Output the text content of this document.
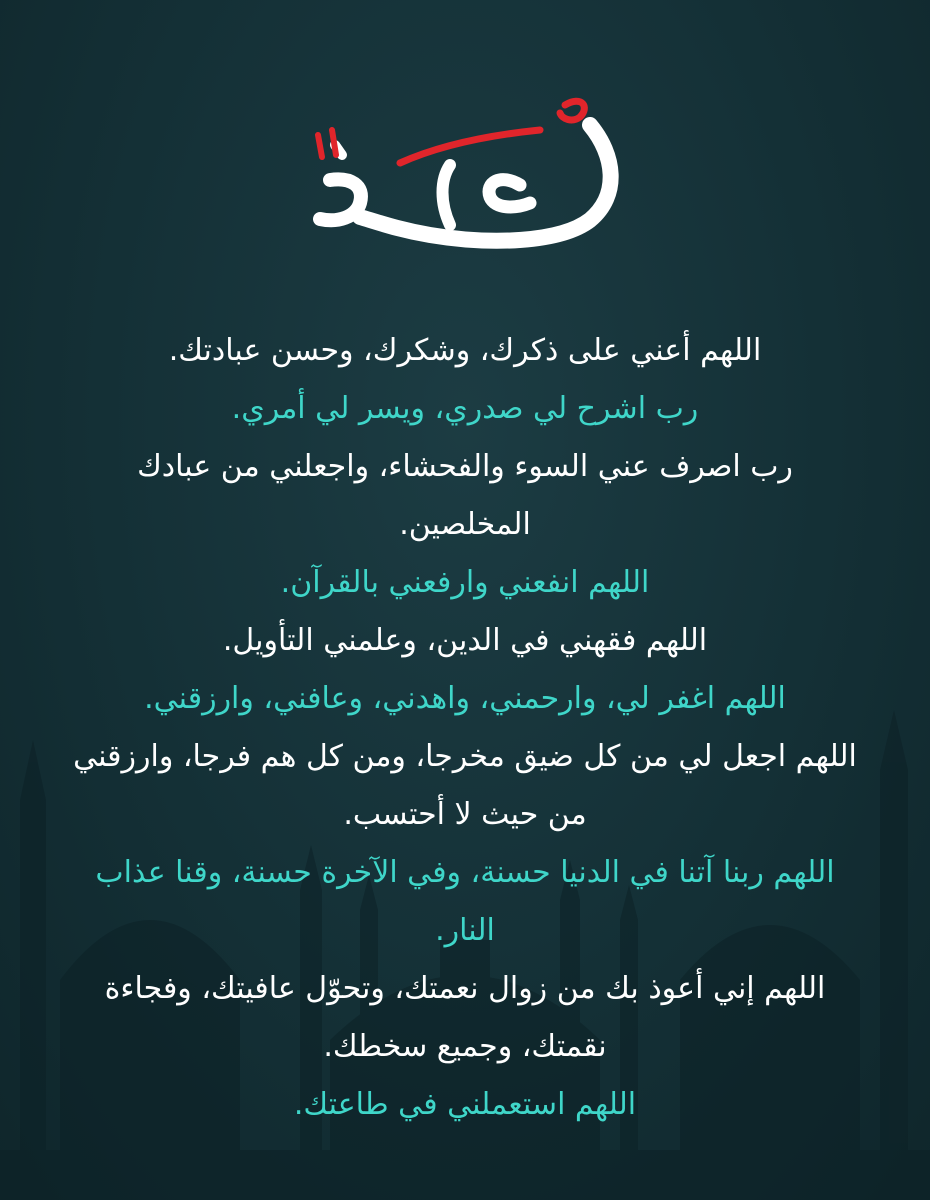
اللهم أعني على ذكرك، وشكرك، وحسن عبادتك.

رب اشرح لي صدري، ويسر لي أمري.

رب اصرف عني السوء والفحشاء، واجعلني من عبادك المخلصين.

اللهم انفعني وارفعني بالقرآن.

اللهم فقهني في الدين، وعلمني التأويل.

اللهم اغفر لي، وارحمني، واهدني، وعافني، وارزقني.

اللهم اجعل لي من كل ضيق مخرجا، ومن كل هم فرجا، وارزقني من حيث لا أحتسب.

اللهم ربنا آتنا في الدنيا حسنة، وفي الآخرة حسنة، وقنا عذاب النار.

اللهم إني أعوذ بك من زوال نعمتك، وتحوّل عافيتك، وفجاءة نقمتك، وجميع سخطك.

اللهم استعملني في طاعتك.
